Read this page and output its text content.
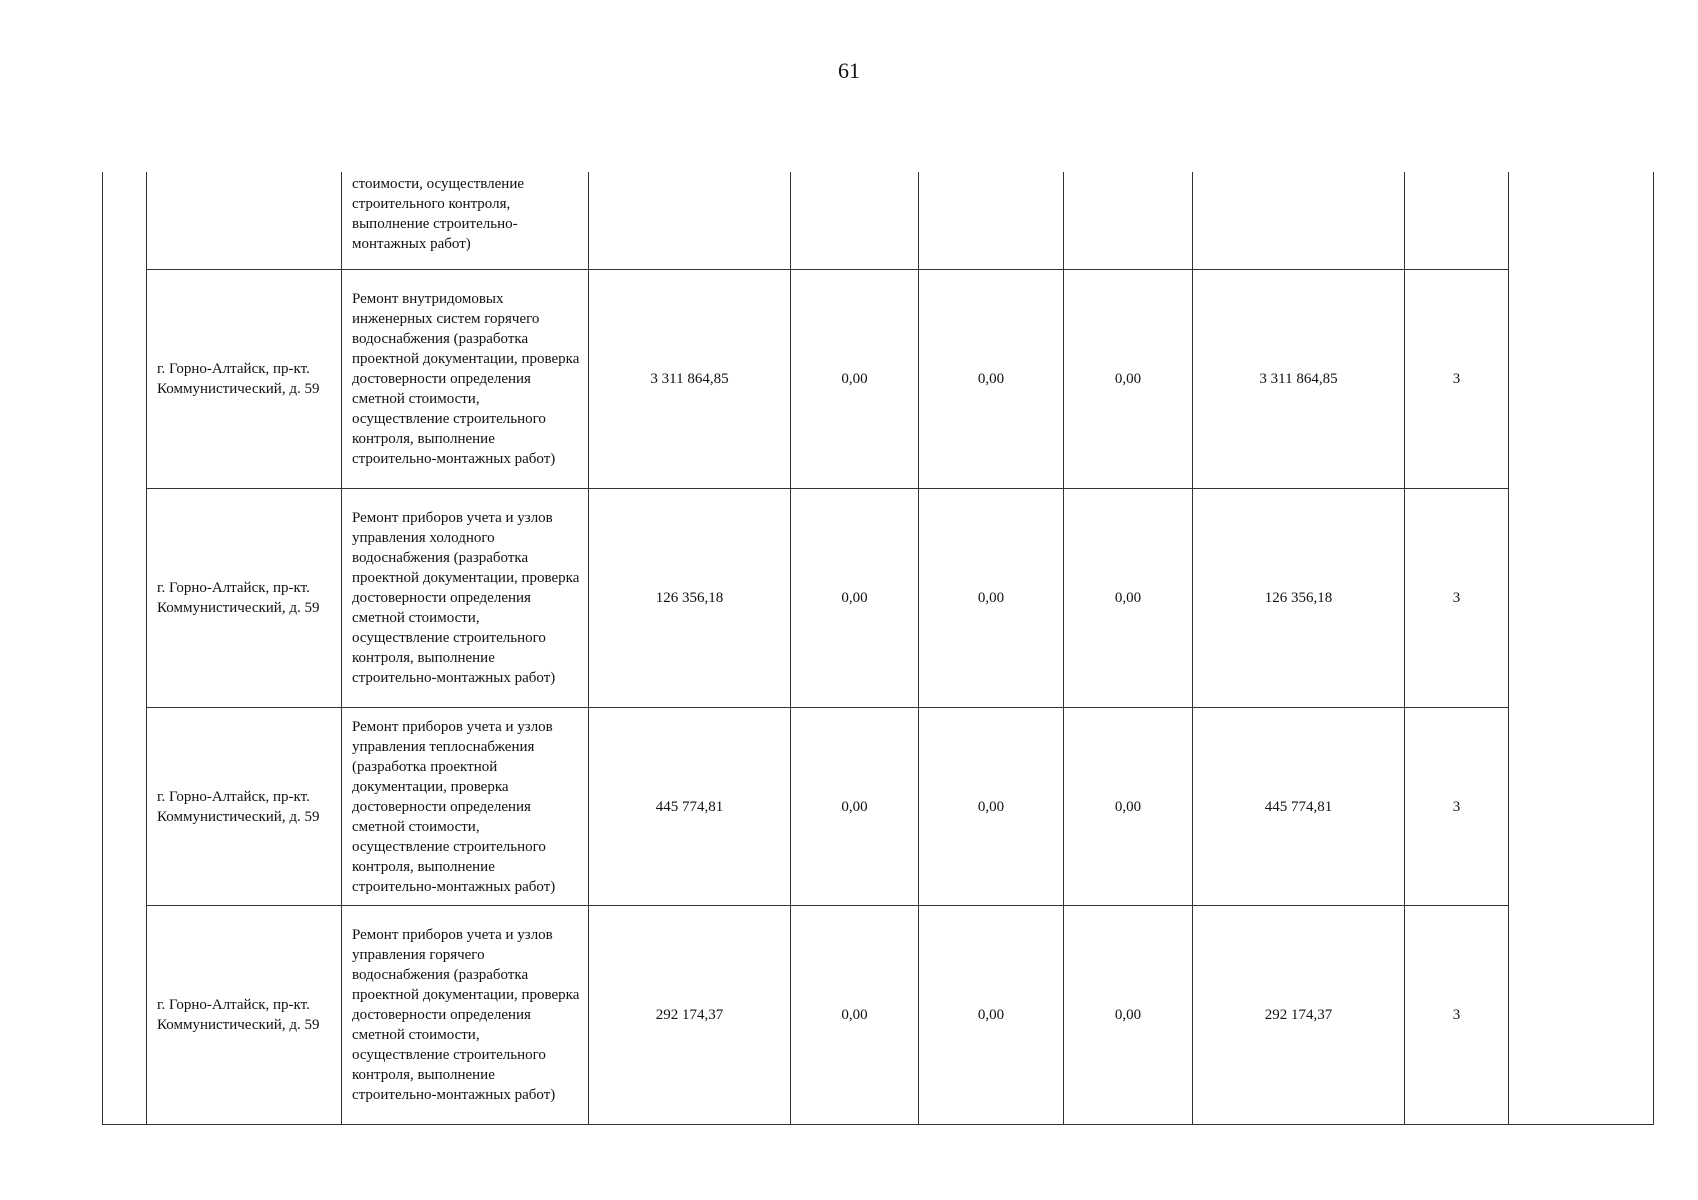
61

		стоимости, осуществление строительного контроля, выполнение строительно-монтажных работ)							

	г. Горно-Алтайск, пр-кт. Коммунистический, д. 59	Ремонт внутридомовых инженерных систем горячего водоснабжения (разработка проектной документации, проверка достоверности определения сметной стоимости, осуществление строительного контроля, выполнение строительно-монтажных работ)	3 311 864,85	0,00	0,00	0,00	3 311 864,85	3	

	г. Горно-Алтайск, пр-кт. Коммунистический, д. 59	Ремонт приборов учета и узлов управления холодного водоснабжения (разработка проектной документации, проверка достоверности определения сметной стоимости, осуществление строительного контроля, выполнение строительно-монтажных работ)	126 356,18	0,00	0,00	0,00	126 356,18	3	

	г. Горно-Алтайск, пр-кт. Коммунистический, д. 59	Ремонт приборов учета и узлов управления теплоснабжения (разработка проектной документации, проверка достоверности определения сметной стоимости, осуществление строительного контроля, выполнение строительно-монтажных работ)	445 774,81	0,00	0,00	0,00	445 774,81	3	

	г. Горно-Алтайск, пр-кт. Коммунистический, д. 59	Ремонт приборов учета и узлов управления горячего водоснабжения (разработка проектной документации, проверка достоверности определения сметной стоимости, осуществление строительного контроля, выполнение строительно-монтажных работ)	292 174,37	0,00	0,00	0,00	292 174,37	3	
